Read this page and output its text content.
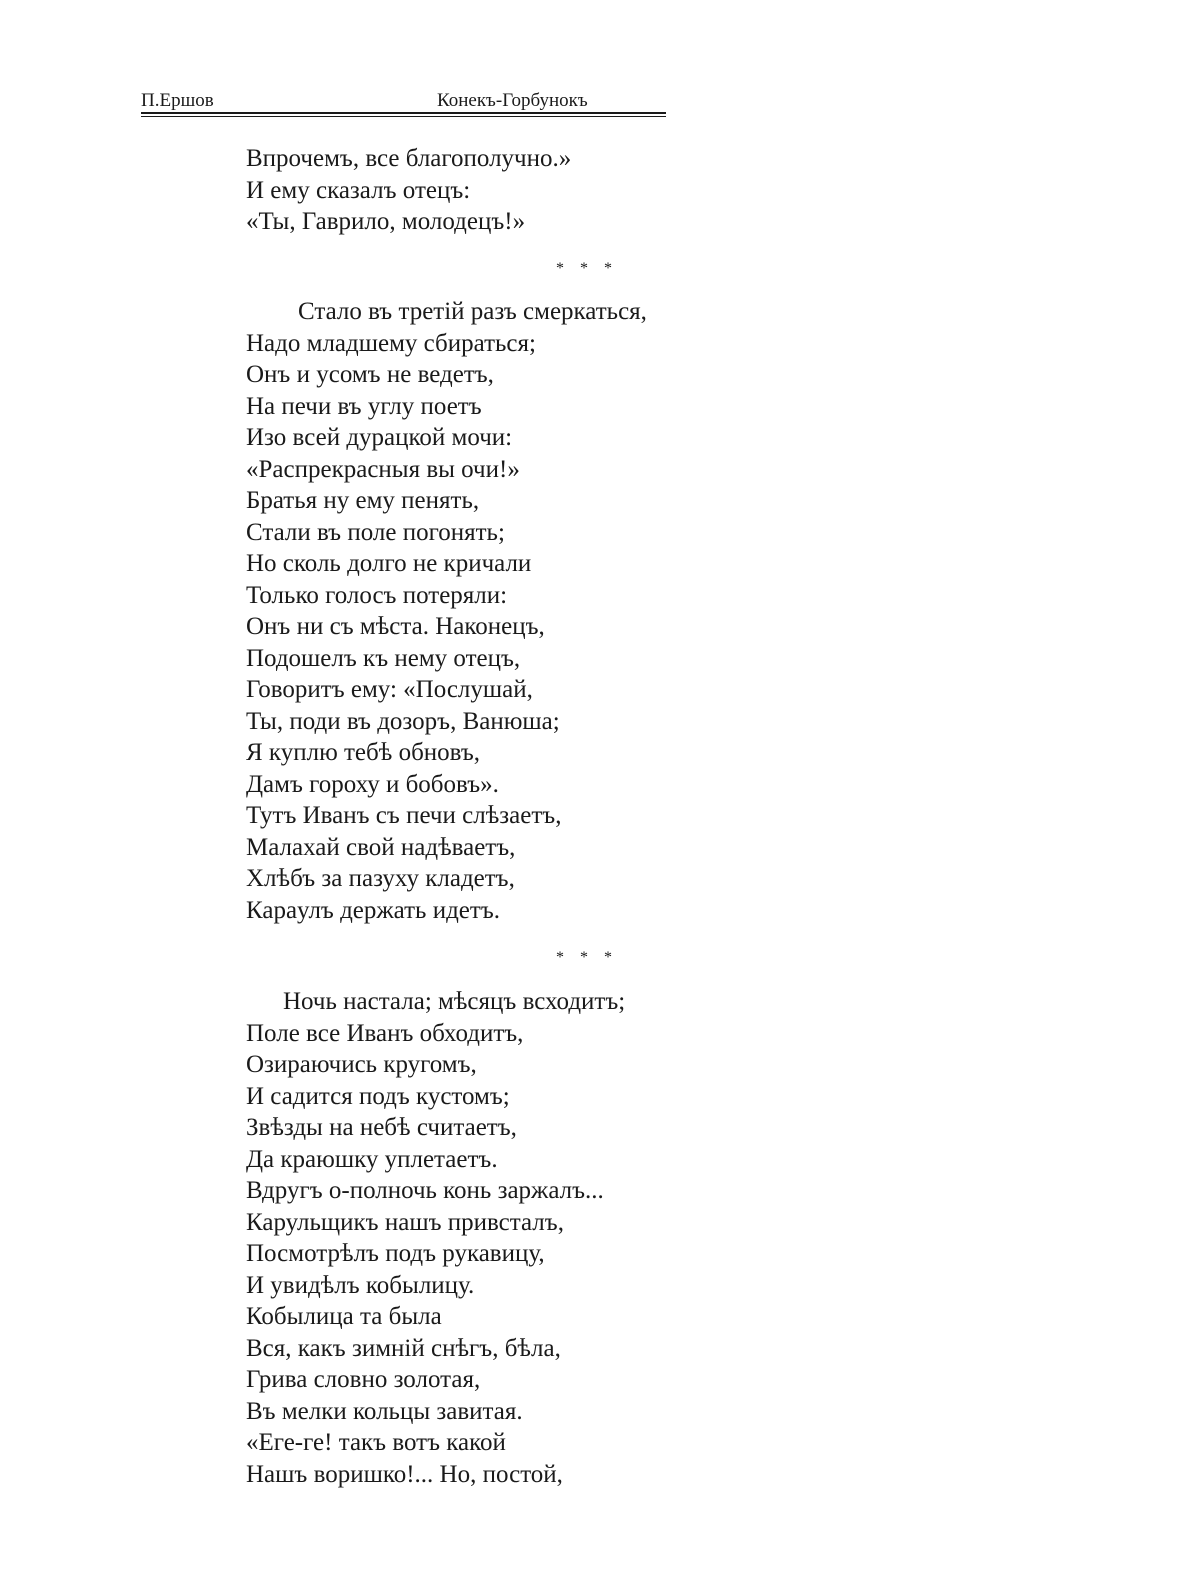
П.Ершов	Конекъ-Горбунокъ
Впрочемъ, все благополучно.»
И ему сказалъ отецъ:
«Ты, Гаврило, молодецъ!»
* * *
Стало въ третій разъ смеркаться,
Надо младшему сбираться;
Онъ и усомъ не ведетъ,
На печи въ углу поетъ
Изо всей дурацкой мочи:
«Распрекрасныя вы очи!»
Братья ну ему пенять,
Стали въ поле погонять;
Но сколь долго не кричали
Только голосъ потеряли:
Онъ ни съ мѣста. Наконецъ,
Подошелъ къ нему отецъ,
Говоритъ ему: «Послушай,
Ты, поди въ дозоръ, Ванюша;
Я куплю тебѣ обновъ,
Дамъ гороху и бобовъ».
Тутъ Иванъ съ печи слѣзаетъ,
Малахай свой надѣваетъ,
Хлѣбъ за пазуху кладетъ,
Карaулъ держать идетъ.
* * *
Ночь настала; мѣсяцъ всходитъ;
Поле все Иванъ обходитъ,
Озираючись кругомъ,
И садится подъ кустомъ;
Звѣзды на небѣ считаетъ,
Да краюшку уплетаетъ.
Вдругъ о-полночь конь заржалъ...
Карульщикъ нашъ привсталъ,
Посмотрѣлъ подъ рукавицу,
И увидѣлъ кобылицу.
Кобылица та была
Вся, какъ зимній снѣгъ, бѣла,
Грива словно золотая,
Въ мелки кольцы завитая.
«Еге-ге! такъ вотъ какой
Нашъ воришко!... Но, постой,
